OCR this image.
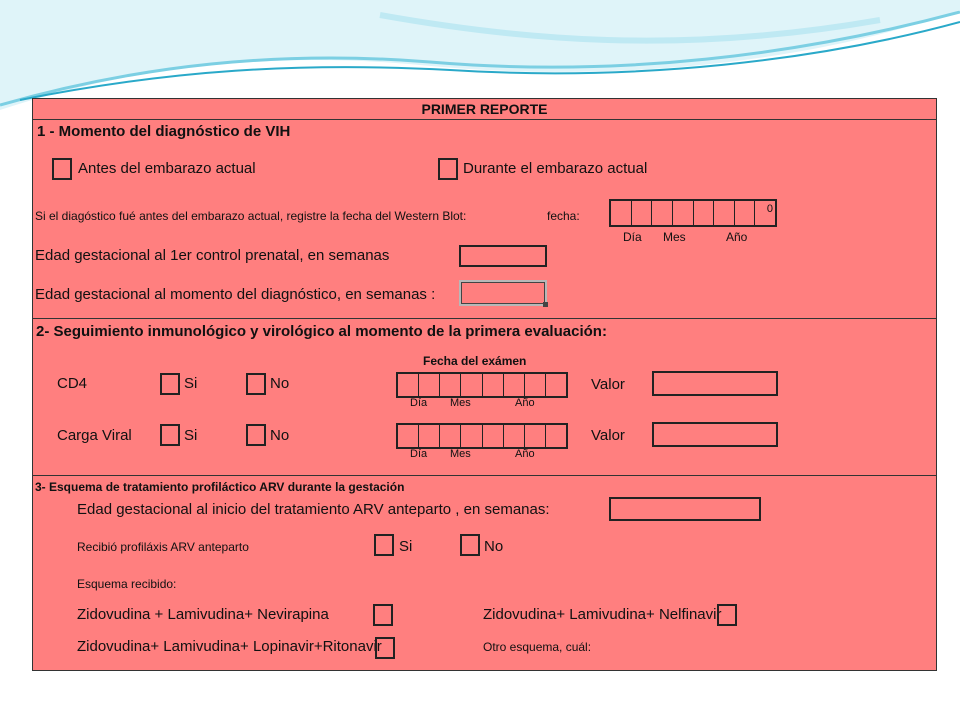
PRIMER REPORTE
1 - Momento del diagnóstico de VIH
Antes del embarazo actual	Durante el embarazo actual
Si el diagóstico fué antes del embarazo actual, registre la fecha del Western Blot:	fecha:	0
Día Mes	Año
Edad gestacional al 1er control prenatal, en semanas
Edad gestacional al momento del diagnóstico, en semanas :
2- Seguimiento inmunológico y virológico al momento de la primera evaluación:
Fecha del exámen
CD4	Si	No
Día Mes	Año
Valor
Carga Viral	Si	No
Día Mes	Año
Valor
3- Esquema de tratamiento profiláctico ARV durante la gestación
Edad gestacional al inicio del tratamiento ARV anteparto , en semanas:
Recibió profiláxis ARV anteparto	Si	No
Esquema recibido:
Zidovudina + Lamivudina+ Nevirapina	Zidovudina+ Lamivudina+ Nelfinavir
Zidovudina+ Lamivudina+ Lopinavir+Ritonavir	Otro esquema, cuál:
